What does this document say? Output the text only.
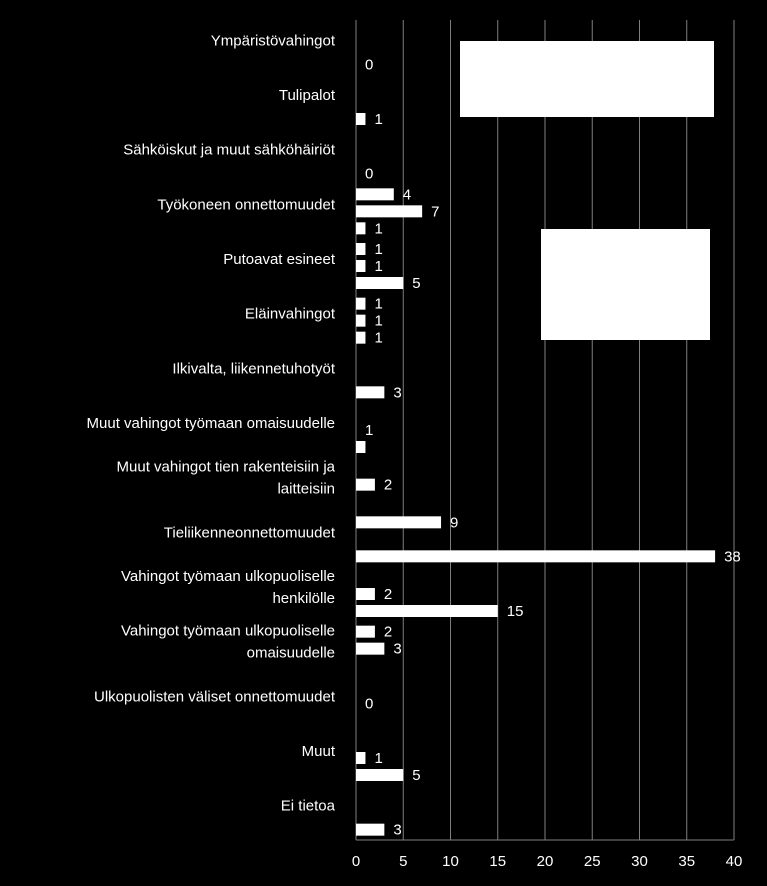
0	5 10 15 20 25 30 35 40
Ympäristövahingot
Tulipalot
Sähköiskut ja muut sähköhäiriöt
Työkoneen onnettomuudet
Putoavat esineet
Eläinvahingot
Ilkivalta, liikennetuhotyöt
Muut vahingot työmaan omaisuudelle
Muut vahingot tien rakenteisiin ja
laitteisiin
Tieliikenneonnettomuudet
Vahingot työmaan ulkopuoliselle
henkilölle
Vahingot työmaan ulkopuoliselle
omaisuudelle
Ulkopuolisten väliset onnettomuudet
Muut
Ei tietoa
0
1
0
4
7
1
1
1
5
1
1
1
3
1
2
9
38
2
15
2
3
0
1
5
3
